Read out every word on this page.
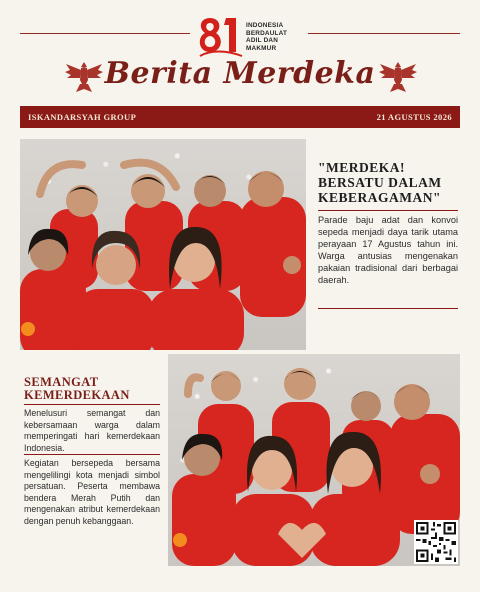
INDONESIA
BERDAULAT
ADIL DAN
MAKMUR
Berita Merdeka
ISKANDARSYAH GROUP	21 AGUSTUS 2026
"MERDEKA! BERSATU DALAM KEBERAGAMAN"
Parade baju adat dan konvoi sepeda menjadi daya tarik utama perayaan 17 Agustus tahun ini. Warga antusias mengenakan pakaian tradisional dari berbagai daerah.
SEMANGAT KEMERDEKAAN
Menelusuri semangat dan kebersamaan warga dalam memperingati hari kemerdekaan Indonesia.
Kegiatan bersepeda bersama mengelilingi kota menjadi simbol persatuan. Peserta membawa bendera Merah Putih dan mengenakan atribut kemerdekaan dengan penuh kebanggaan.
